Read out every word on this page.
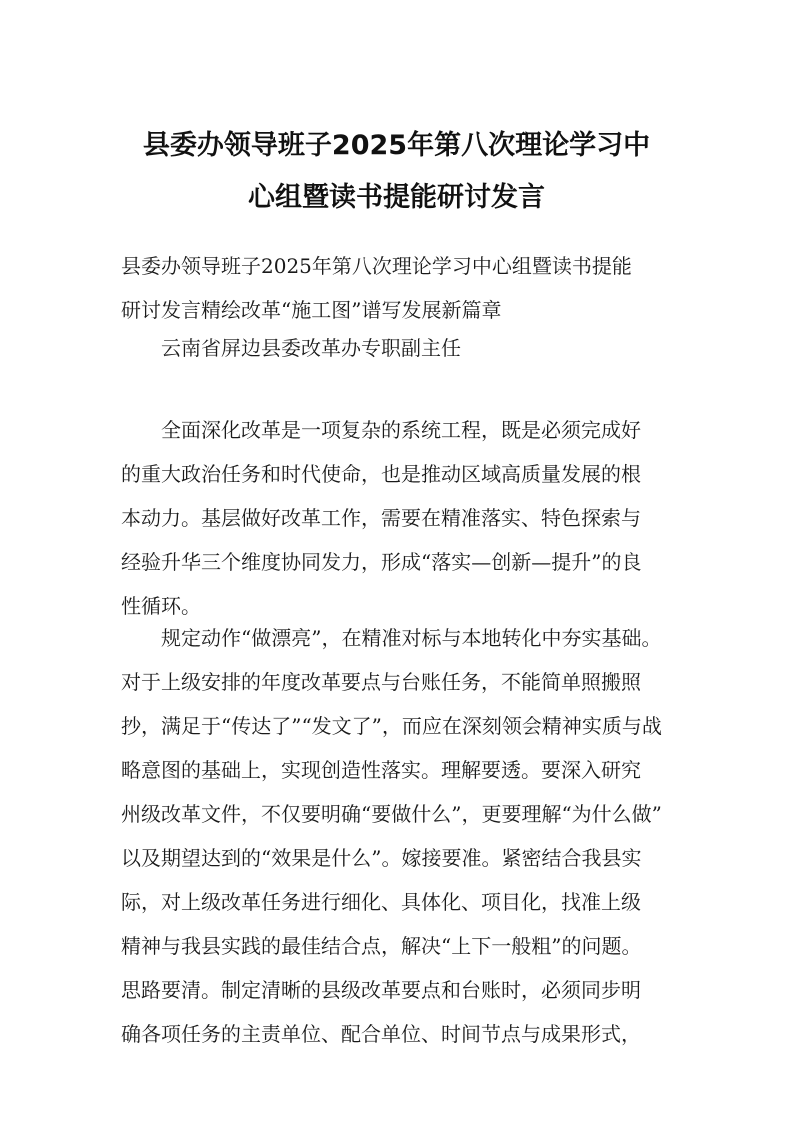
县委办领导班子2025年第八次理论学习中
心组暨读书提能研讨发言
县委办领导班子2025年第八次理论学习中心组暨读书提能
研讨发言精绘改革“施工图”谱写发展新篇章
　　云南省屏边县委改革办专职副主任
　　全面深化改革是一项复杂的系统工程，既是必须完成好
的重大政治任务和时代使命，也是推动区域高质量发展的根
本动力。基层做好改革工作，需要在精准落实、特色探索与
经验升华三个维度协同发力，形成“落实—创新—提升”的良
性循环。
　　规定动作“做漂亮”，在精准对标与本地转化中夯实基础。
对于上级安排的年度改革要点与台账任务，不能简单照搬照
抄，满足于“传达了”“发文了”，而应在深刻领会精神实质与战
略意图的基础上，实现创造性落实。理解要透。要深入研究
州级改革文件，不仅要明确“要做什么”，更要理解“为什么做”
以及期望达到的“效果是什么”。嫁接要准。紧密结合我县实
际，对上级改革任务进行细化、具体化、项目化，找准上级
精神与我县实践的最佳结合点，解决“上下一般粗”的问题。
思路要清。制定清晰的县级改革要点和台账时，必须同步明
确各项任务的主责单位、配合单位、时间节点与成果形式，
